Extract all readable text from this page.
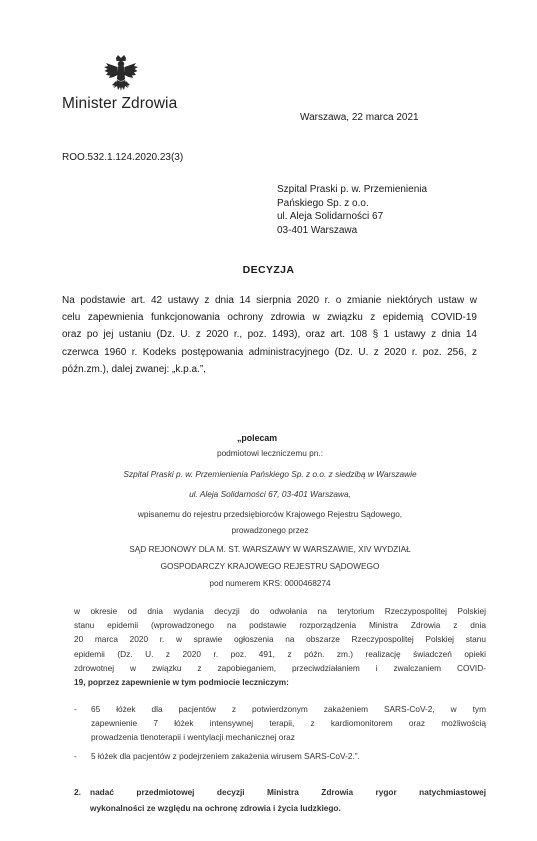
Minister Zdrowia
Warszawa, 22 marca 2021
ROO.532.1.124.2020.23(3)
Szpital Praski p. w. Przemienienia
Pańskiego Sp. z o.o.
ul. Aleja Solidarności 67
03-401 Warszawa
DECYZJA
Na podstawie art. 42 ustawy z dnia 14 sierpnia 2020 r. o zmianie niektórych ustaw w
celu zapewnienia funkcjonowania ochrony zdrowia w związku z epidemią COVID-19
oraz po jej ustaniu (Dz. U. z 2020 r., poz. 1493), oraz art. 108 § 1 ustawy z dnia 14
czerwca 1960 r. Kodeks postępowania administracyjnego (Dz. U. z 2020 r. poz. 256, z
późn.zm.), dalej zwanej: „k.p.a.”,
„polecam
podmiotowi leczniczemu pn.:
Szpital Praski p. w. Przemienienia Pańskiego Sp. z o.o. z siedzibą w Warszawie
ul. Aleja Solidarności 67, 03-401 Warszawa,
wpisanemu do rejestru przedsiębiorców Krajowego Rejestru Sądowego,
prowadzonego przez
SĄD REJONOWY DLA M. ST. WARSZAWY W WARSZAWIE, XIV WYDZIAŁ
GOSPODARCZY KRAJOWEGO REJESTRU SĄDOWEGO
pod numerem KRS: 0000468274
w okresie od dnia wydania decyzji do odwołania na terytorium Rzeczypospolitej Polskiej
stanu epidemii (wprowadzonego na podstawie rozporządzenia Ministra Zdrowia z dnia
20 marca 2020 r. w sprawie ogłoszenia na obszarze Rzeczypospolitej Polskiej stanu
epidemii (Dz. U. z 2020 r. poz. 491, z późn. zm.) realizację świadczeń opieki
zdrowotnej w związku z zapobieganiem, przeciwdziałaniem i zwalczaniem COVID-
19, poprzez zapewnienie w tym podmiocie leczniczym:
- 65 łóżek dla pacjentów z potwierdzonym zakażeniem SARS-CoV-2, w tym
zapewnienie 7 łóżek intensywnej terapii, z kardiomonitorem oraz możliwością
prowadzenia tlenoterapii i wentylacji mechanicznej oraz
- 5 łóżek dla pacjentów z podejrzeniem zakażenia wirusem SARS-CoV-2.”.
2. nadać przedmiotowej decyzji Ministra Zdrowia rygor natychmiastowej
wykonalności ze względu na ochronę zdrowia i życia ludzkiego.
